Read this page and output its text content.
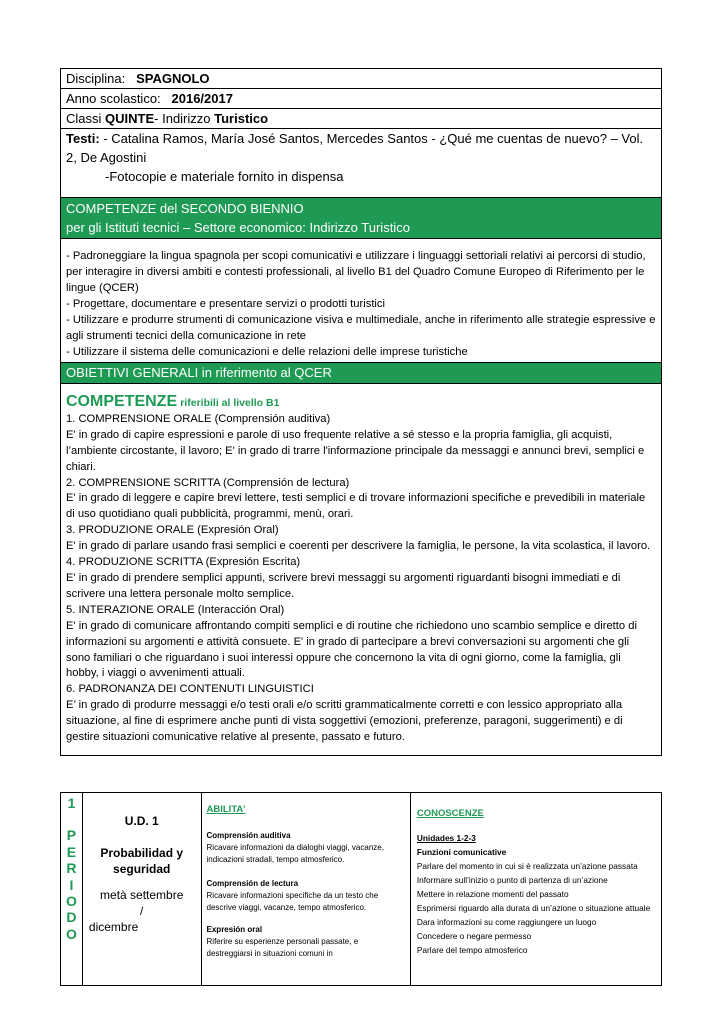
Disciplina: SPAGNOLO
Anno scolastico: 2016/2017
Classi QUINTE- Indirizzo Turistico
Testi: - Catalina Ramos, María José Santos, Mercedes Santos - ¿Qué me cuentas de nuevo? – Vol. 2, De Agostini
-Fotocopie e materiale fornito in dispensa
COMPETENZE del SECONDO BIENNIO
per gli Istituti tecnici – Settore economico: Indirizzo Turistico
- Padroneggiare la lingua spagnola per scopi comunicativi e utilizzare i linguaggi settoriali relativi ai percorsi di studio, per interagire in diversi ambiti e contesti professionali, al livello B1 del Quadro Comune Europeo di Riferimento per le lingue (QCER)
- Progettare, documentare e presentare servizi o prodotti turistici
- Utilizzare e produrre strumenti di comunicazione visiva e multimediale, anche in riferimento alle strategie espressive e agli strumenti tecnici della comunicazione in rete
- Utilizzare il sistema delle comunicazioni e delle relazioni delle imprese turistiche
OBIETTIVI GENERALI in riferimento al QCER
COMPETENZE riferibili al livello B1
1. COMPRENSIONE ORALE (Comprensión auditiva)
E' in grado di capire espressioni e parole di uso frequente relative a sé stesso e la propria famiglia, gli acquisti, l’ambiente circostante, il lavoro; E' in grado di trarre l'informazione principale da messaggi e annunci brevi, semplici e chiari.
2. COMPRENSIONE SCRITTA (Comprensión de lectura)
E' in grado di leggere e capire brevi lettere, testi semplici e di trovare informazioni specifiche e prevedibili in materiale di uso quotidiano quali pubblicità, programmi, menù, orari.
3. PRODUZIONE ORALE (Expresión Oral)
E' in grado di parlare usando frasi semplici e coerenti per descrivere la famiglia, le persone, la vita scolastica, il lavoro.
4. PRODUZIONE SCRITTA (Expresión Escrita)
E' in grado di prendere semplici appunti, scrivere brevi messaggi su argomenti riguardanti bisogni immediati e di scrivere una lettera personale molto semplice.
5. INTERAZIONE ORALE (Interacción Oral)
E' in grado di comunicare affrontando compiti semplici e di routine che richiedono uno scambio semplice e diretto di informazioni su argomenti e attività consuete. E' in grado di partecipare a brevi conversazioni su argomenti che gli sono familiari o che riguardano i suoi interessi oppure che concernono la vita di ogni giorno, come la famiglia, gli hobby, i viaggi o avvenimenti attuali.
6. PADRONANZA DEI CONTENUTI LINGUISTICI
E’ in grado di produrre messaggi e/o testi orali e/o scritti grammaticalmente corretti e con lessico appropriato alla situazione, al fine di esprimere anche punti di vista soggettivi (emozioni, preferenze, paragoni, suggerimenti) e di gestire situazioni comunicative relative al presente, passato e futuro.
1
P
E
R
I
O
D
O
U.D. 1
Probabilidad y seguridad
metà settembre
/
dicembre
ABILITA’
Comprensión auditiva
Ricavare informazioni da dialoghi viaggi, vacanze, indicazioni stradali, tempo atmosferico.
Comprensión de lectura
Ricavare informazioni specifiche da un testo che descrive viaggi, vacanze, tempo atmosferico.
Expresión oral
Riferire su esperienze personali passate, e destreggiarsi in situazioni comuni in
CONOSCENZE
Unidades 1-2-3
Funzioni comunicative
Parlare del momento in cui si è realizzata un’azione passata
Informare sull’inizio o punto di partenza di un’azione
Mettere in relazione momenti del passato
Esprimersi riguardo alla durata di un’azione o situazione attuale
Dara informazioni su come raggiungere un luogo
Concedere o negare permesso
Parlare del tempo atmosferico
